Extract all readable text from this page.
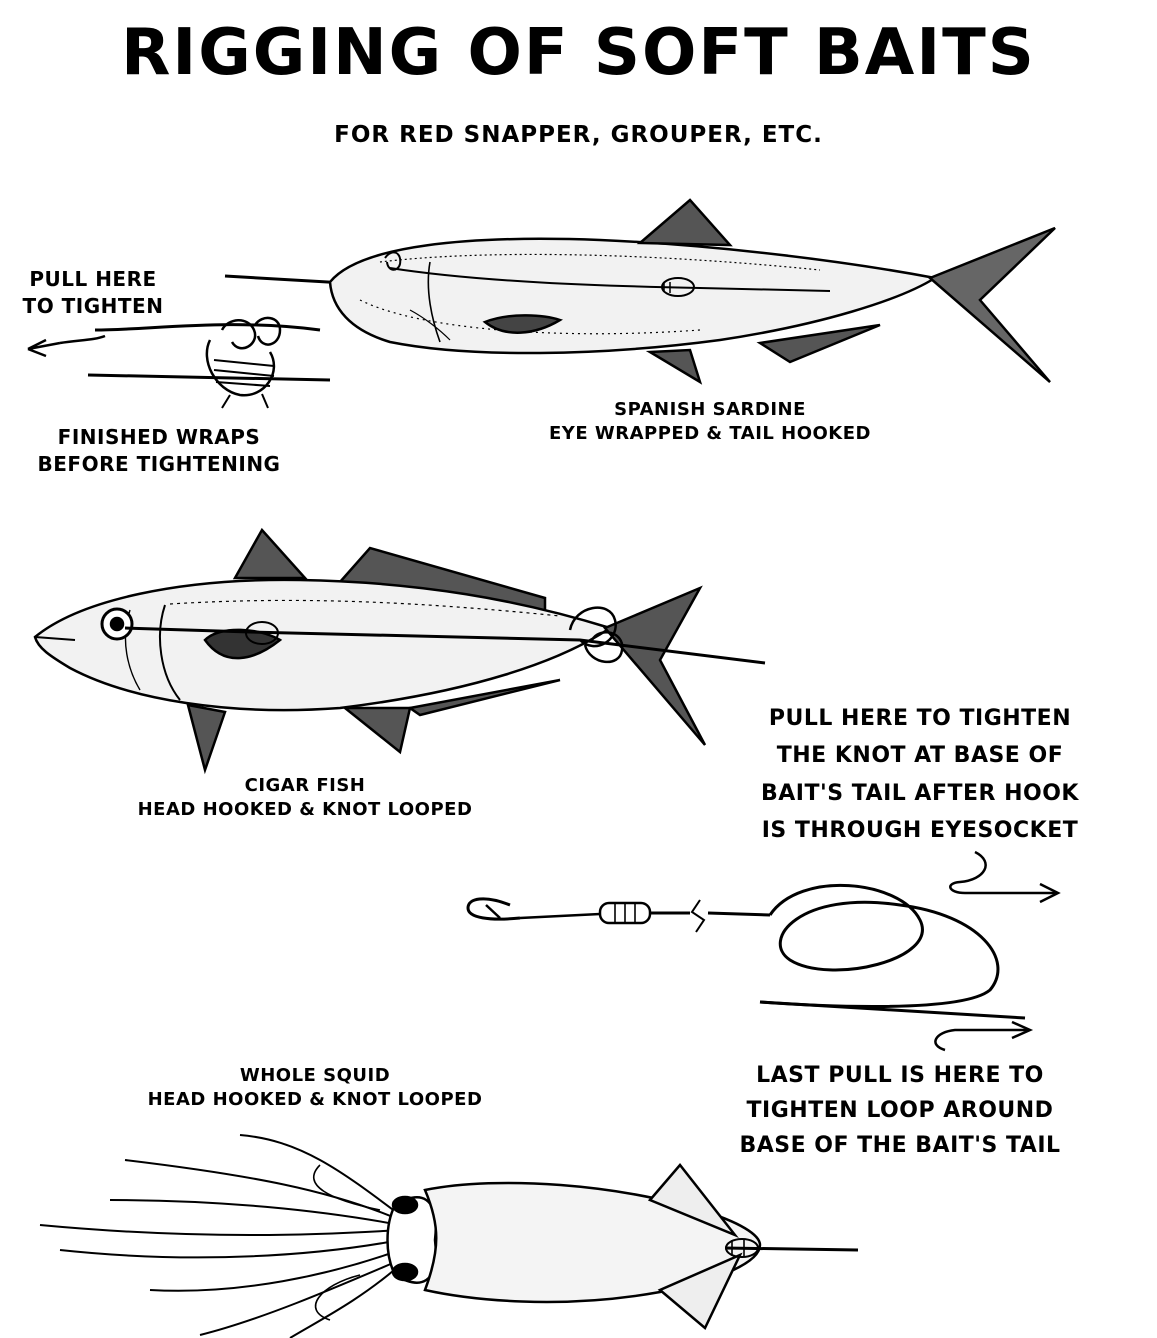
RIGGING OF SOFT BAITS
FOR RED SNAPPER, GROUPER, ETC.
PULL HERE
TO TIGHTEN
FINISHED WRAPS
BEFORE TIGHTENING
SPANISH SARDINE
EYE WRAPPED & TAIL HOOKED
CIGAR FISH
HEAD HOOKED & KNOT LOOPED
PULL HERE TO TIGHTEN
THE KNOT AT BASE OF
BAIT'S TAIL AFTER HOOK
IS THROUGH EYESOCKET
WHOLE SQUID
HEAD HOOKED & KNOT LOOPED
LAST PULL IS HERE TO
TIGHTEN LOOP AROUND
BASE OF THE BAIT'S TAIL
